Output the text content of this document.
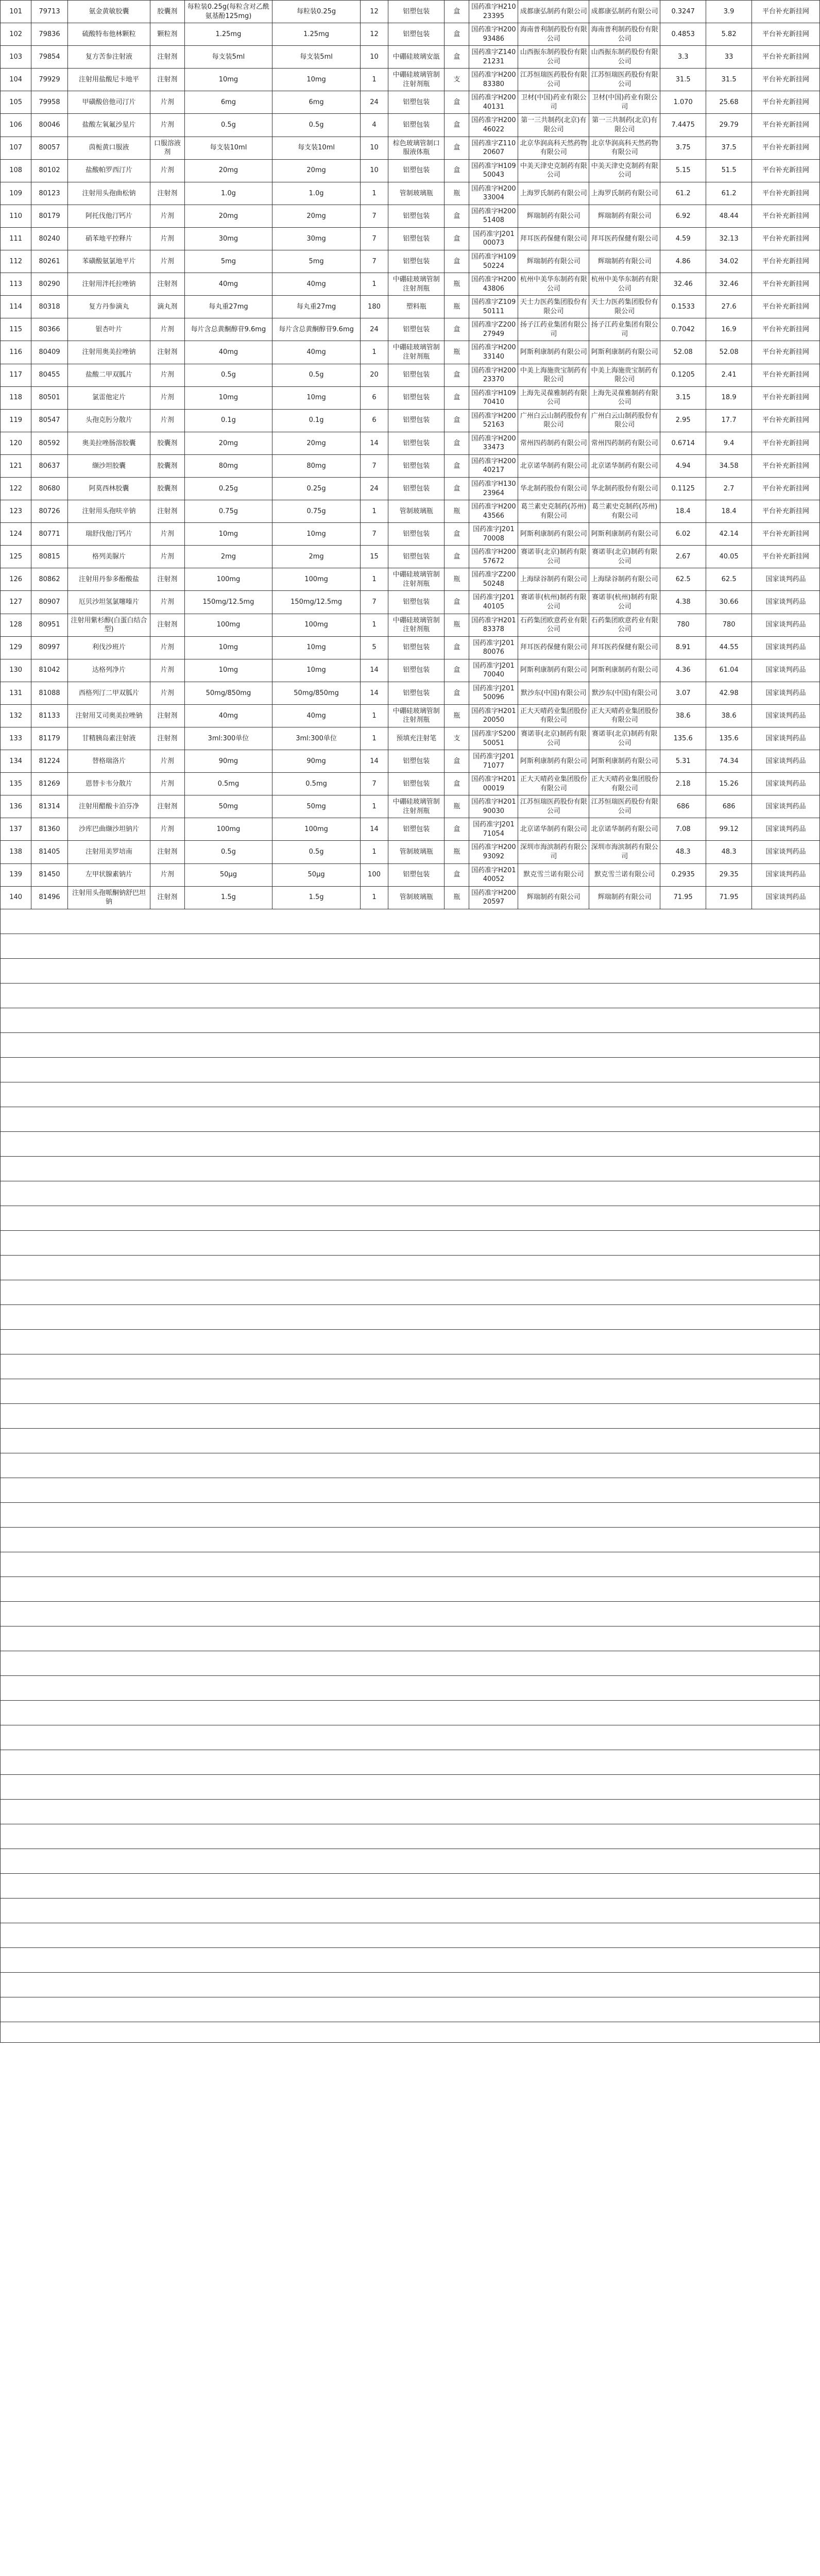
101	79713	氨金黄敏胶囊	胶囊剂	每粒装0.25g(每粒含对乙酰氨基酚125mg)	每粒装0.25g	12	铝塑包装	盒	国药准字H21023395	成都康弘制药有限公司	成都康弘制药有限公司	0.3247	3.9	平台补充新挂网
102	79836	硫酸特布他林颗粒	颗粒剂	1.25mg	1.25mg	12	铝塑包装	盒	国药准字H20093486	海南普利制药股份有限公司	海南普利制药股份有限公司	0.4853	5.82	平台补充新挂网
103	79854	复方苦参注射液	注射剂	每支装5ml	每支装5ml	10	中硼硅玻璃安瓿	盒	国药准字Z14021231	山西振东制药股份有限公司	山西振东制药股份有限公司	3.3	33	平台补充新挂网
104	79929	注射用盐酸尼卡地平	注射剂	10mg	10mg	1	中硼硅玻璃管制注射剂瓶	支	国药准字H20083380	江苏恒瑞医药股份有限公司	江苏恒瑞医药股份有限公司	31.5	31.5	平台补充新挂网
105	79958	甲磺酸倍他司汀片	片剂	6mg	6mg	24	铝塑包装	盒	国药准字H20040131	卫材(中国)药业有限公司	卫材(中国)药业有限公司	1.070	25.68	平台补充新挂网
106	80046	盐酸左氧氟沙星片	片剂	0.5g	0.5g	4	铝塑包装	盒	国药准字H20046022	第一三共制药(北京)有限公司	第一三共制药(北京)有限公司	7.4475	29.79	平台补充新挂网
107	80057	茵栀黄口服液	口服溶液剂	每支装10ml	每支装10ml	10	棕色玻璃管制口服液体瓶	盒	国药准字Z11020607	北京华润高科天然药物有限公司	北京华润高科天然药物有限公司	3.75	37.5	平台补充新挂网
108	80102	盐酸帕罗西汀片	片剂	20mg	20mg	10	铝塑包装	盒	国药准字H10950043	中美天津史克制药有限公司	中美天津史克制药有限公司	5.15	51.5	平台补充新挂网
109	80123	注射用头孢曲松钠	注射剂	1.0g	1.0g	1	管制玻璃瓶	瓶	国药准字H20033004	上海罗氏制药有限公司	上海罗氏制药有限公司	61.2	61.2	平台补充新挂网
110	80179	阿托伐他汀钙片	片剂	20mg	20mg	7	铝塑包装	盒	国药准字H20051408	辉瑞制药有限公司	辉瑞制药有限公司	6.92	48.44	平台补充新挂网
111	80240	硝苯地平控释片	片剂	30mg	30mg	7	铝塑包装	盒	国药准字J20100073	拜耳医药保健有限公司	拜耳医药保健有限公司	4.59	32.13	平台补充新挂网
112	80261	苯磺酸氨氯地平片	片剂	5mg	5mg	7	铝塑包装	盒	国药准字H10950224	辉瑞制药有限公司	辉瑞制药有限公司	4.86	34.02	平台补充新挂网
113	80290	注射用泮托拉唑钠	注射剂	40mg	40mg	1	中硼硅玻璃管制注射剂瓶	瓶	国药准字H20043806	杭州中美华东制药有限公司	杭州中美华东制药有限公司	32.46	32.46	平台补充新挂网
114	80318	复方丹参滴丸	滴丸剂	每丸重27mg	每丸重27mg	180	塑料瓶	瓶	国药准字Z10950111	天士力医药集团股份有限公司	天士力医药集团股份有限公司	0.1533	27.6	平台补充新挂网
115	80366	银杏叶片	片剂	每片含总黄酮醇苷9.6mg	每片含总黄酮醇苷9.6mg	24	铝塑包装	盒	国药准字Z20027949	扬子江药业集团有限公司	扬子江药业集团有限公司	0.7042	16.9	平台补充新挂网
116	80409	注射用奥美拉唑钠	注射剂	40mg	40mg	1	中硼硅玻璃管制注射剂瓶	瓶	国药准字H20033140	阿斯利康制药有限公司	阿斯利康制药有限公司	52.08	52.08	平台补充新挂网
117	80455	盐酸二甲双胍片	片剂	0.5g	0.5g	20	铝塑包装	盒	国药准字H20023370	中美上海施贵宝制药有限公司	中美上海施贵宝制药有限公司	0.1205	2.41	平台补充新挂网
118	80501	氯雷他定片	片剂	10mg	10mg	6	铝塑包装	盒	国药准字H10970410	上海先灵葆雅制药有限公司	上海先灵葆雅制药有限公司	3.15	18.9	平台补充新挂网
119	80547	头孢克肟分散片	片剂	0.1g	0.1g	6	铝塑包装	盒	国药准字H20052163	广州白云山制药股份有限公司	广州白云山制药股份有限公司	2.95	17.7	平台补充新挂网
120	80592	奥美拉唑肠溶胶囊	胶囊剂	20mg	20mg	14	铝塑包装	盒	国药准字H20033473	常州四药制药有限公司	常州四药制药有限公司	0.6714	9.4	平台补充新挂网
121	80637	缬沙坦胶囊	胶囊剂	80mg	80mg	7	铝塑包装	盒	国药准字H20040217	北京诺华制药有限公司	北京诺华制药有限公司	4.94	34.58	平台补充新挂网
122	80680	阿莫西林胶囊	胶囊剂	0.25g	0.25g	24	铝塑包装	盒	国药准字H13023964	华北制药股份有限公司	华北制药股份有限公司	0.1125	2.7	平台补充新挂网
123	80726	注射用头孢呋辛钠	注射剂	0.75g	0.75g	1	管制玻璃瓶	瓶	国药准字H20043566	葛兰素史克制药(苏州)有限公司	葛兰素史克制药(苏州)有限公司	18.4	18.4	平台补充新挂网
124	80771	瑞舒伐他汀钙片	片剂	10mg	10mg	7	铝塑包装	盒	国药准字J20170008	阿斯利康制药有限公司	阿斯利康制药有限公司	6.02	42.14	平台补充新挂网
125	80815	格列美脲片	片剂	2mg	2mg	15	铝塑包装	盒	国药准字H20057672	赛诺菲(北京)制药有限公司	赛诺菲(北京)制药有限公司	2.67	40.05	平台补充新挂网
126	80862	注射用丹参多酚酸盐	注射剂	100mg	100mg	1	中硼硅玻璃管制注射剂瓶	瓶	国药准字Z20050248	上海绿谷制药有限公司	上海绿谷制药有限公司	62.5	62.5	国家谈判药品
127	80907	厄贝沙坦氢氯噻嗪片	片剂	150mg/12.5mg	150mg/12.5mg	7	铝塑包装	盒	国药准字J20140105	赛诺菲(杭州)制药有限公司	赛诺菲(杭州)制药有限公司	4.38	30.66	国家谈判药品
128	80951	注射用紫杉醇(白蛋白结合型)	注射剂	100mg	100mg	1	中硼硅玻璃管制注射剂瓶	瓶	国药准字H20183378	石药集团欧意药业有限公司	石药集团欧意药业有限公司	780	780	国家谈判药品
129	80997	利伐沙班片	片剂	10mg	10mg	5	铝塑包装	盒	国药准字J20180076	拜耳医药保健有限公司	拜耳医药保健有限公司	8.91	44.55	国家谈判药品
130	81042	达格列净片	片剂	10mg	10mg	14	铝塑包装	盒	国药准字J20170040	阿斯利康制药有限公司	阿斯利康制药有限公司	4.36	61.04	国家谈判药品
131	81088	西格列汀二甲双胍片	片剂	50mg/850mg	50mg/850mg	14	铝塑包装	盒	国药准字J20150096	默沙东(中国)有限公司	默沙东(中国)有限公司	3.07	42.98	国家谈判药品
132	81133	注射用艾司奥美拉唑钠	注射剂	40mg	40mg	1	中硼硅玻璃管制注射剂瓶	瓶	国药准字H20120050	正大天晴药业集团股份有限公司	正大天晴药业集团股份有限公司	38.6	38.6	国家谈判药品
133	81179	甘精胰岛素注射液	注射剂	3ml:300单位	3ml:300单位	1	预填充注射笔	支	国药准字S20050051	赛诺菲(北京)制药有限公司	赛诺菲(北京)制药有限公司	135.6	135.6	国家谈判药品
134	81224	替格瑞洛片	片剂	90mg	90mg	14	铝塑包装	盒	国药准字J20171077	阿斯利康制药有限公司	阿斯利康制药有限公司	5.31	74.34	国家谈判药品
135	81269	恩替卡韦分散片	片剂	0.5mg	0.5mg	7	铝塑包装	盒	国药准字H20100019	正大天晴药业集团股份有限公司	正大天晴药业集团股份有限公司	2.18	15.26	国家谈判药品
136	81314	注射用醋酸卡泊芬净	注射剂	50mg	50mg	1	中硼硅玻璃管制注射剂瓶	瓶	国药准字H20190030	江苏恒瑞医药股份有限公司	江苏恒瑞医药股份有限公司	686	686	国家谈判药品
137	81360	沙库巴曲缬沙坦钠片	片剂	100mg	100mg	14	铝塑包装	盒	国药准字J20171054	北京诺华制药有限公司	北京诺华制药有限公司	7.08	99.12	国家谈判药品
138	81405	注射用美罗培南	注射剂	0.5g	0.5g	1	管制玻璃瓶	瓶	国药准字H20093092	深圳市海滨制药有限公司	深圳市海滨制药有限公司	48.3	48.3	国家谈判药品
139	81450	左甲状腺素钠片	片剂	50μg	50μg	100	铝塑包装	盒	国药准字H20140052	默克雪兰诺有限公司	默克雪兰诺有限公司	0.2935	29.35	国家谈判药品
140	81496	注射用头孢哌酮钠舒巴坦钠	注射剂	1.5g	1.5g	1	管制玻璃瓶	瓶	国药准字H20020597	辉瑞制药有限公司	辉瑞制药有限公司	71.95	71.95	国家谈判药品
